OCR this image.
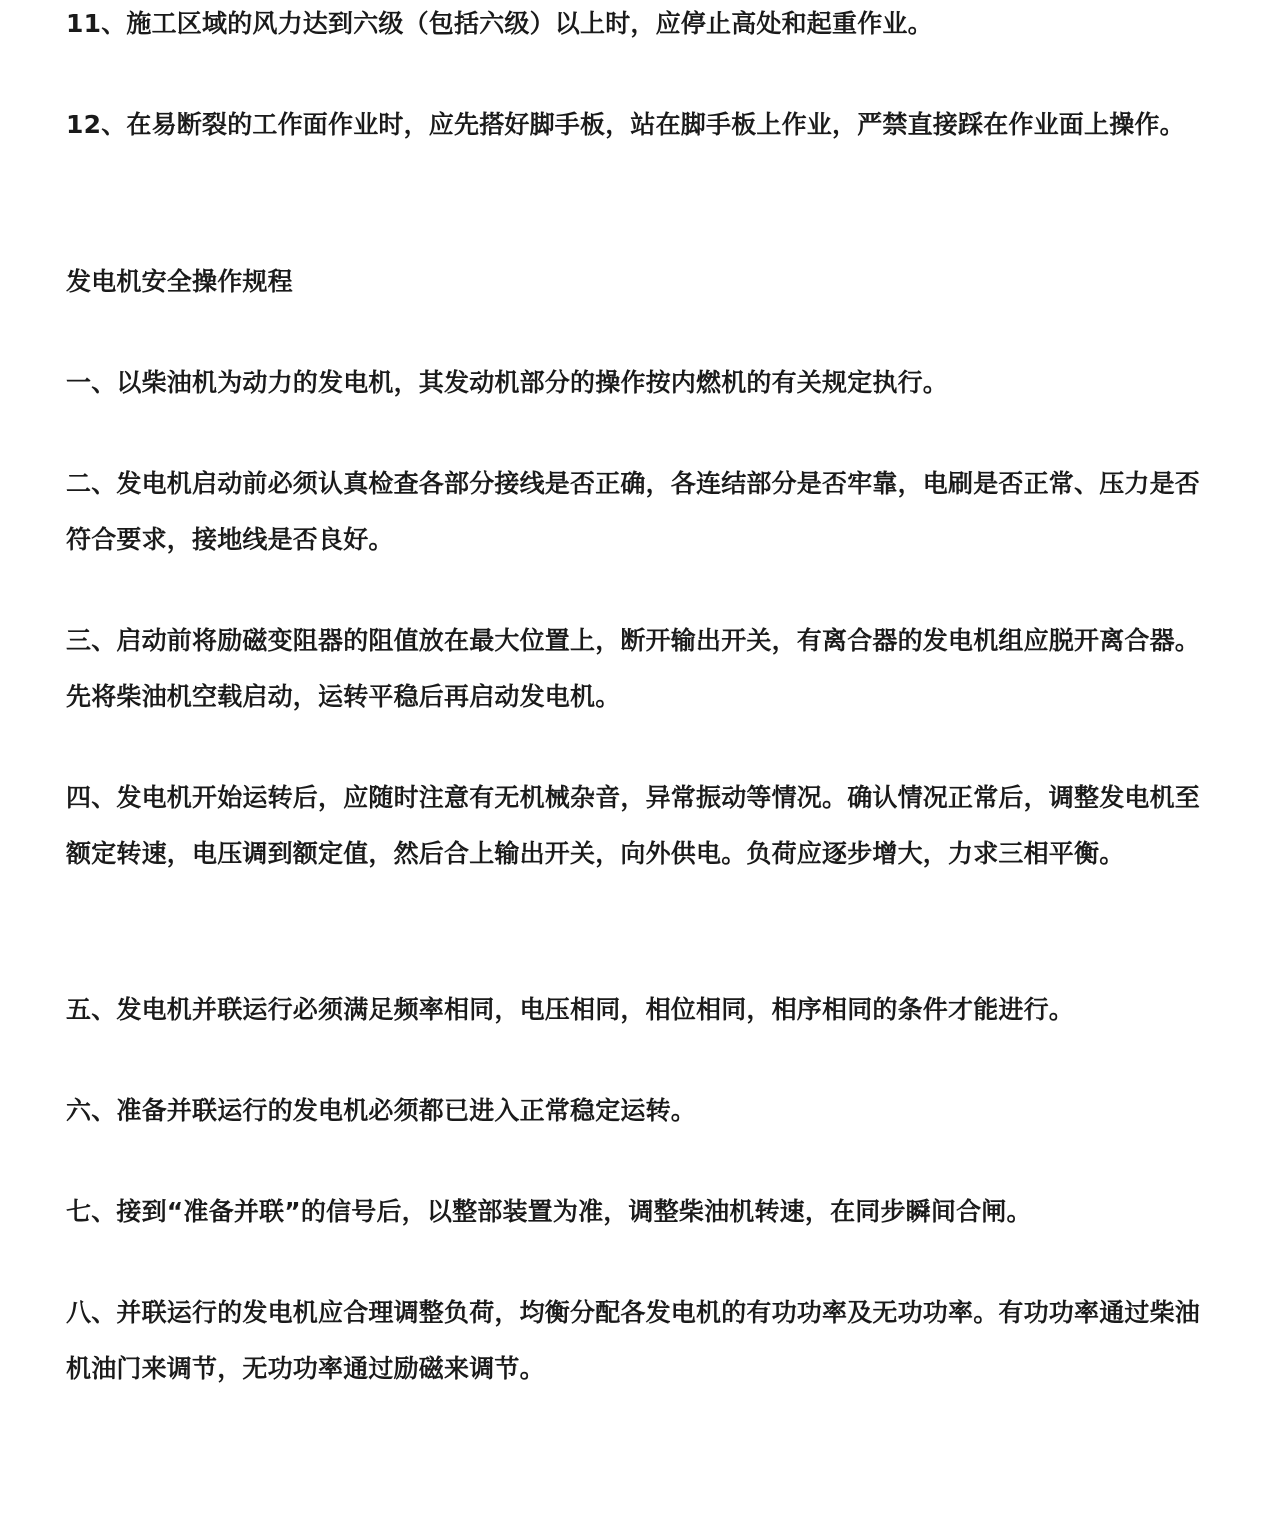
11、施工区域的风力达到六级（包括六级）以上时，应停止高处和起重作业。

12、在易断裂的工作面作业时，应先搭好脚手板，站在脚手板上作业，严禁直接踩在作业面上操作。

发电机安全操作规程

一、以柴油机为动力的发电机，其发动机部分的操作按内燃机的有关规定执行。

二、发电机启动前必须认真检查各部分接线是否正确，各连结部分是否牢靠，电刷是否正常、压力是否符合要求，接地线是否良好。

三、启动前将励磁变阻器的阻值放在最大位置上，断开输出开关，有离合器的发电机组应脱开离合器。先将柴油机空载启动，运转平稳后再启动发电机。

四、发电机开始运转后，应随时注意有无机械杂音，异常振动等情况。确认情况正常后，调整发电机至额定转速，电压调到额定值，然后合上输出开关，向外供电。负荷应逐步增大，力求三相平衡。

五、发电机并联运行必须满足频率相同，电压相同，相位相同，相序相同的条件才能进行。

六、准备并联运行的发电机必须都已进入正常稳定运转。

七、接到“准备并联”的信号后，以整部装置为准，调整柴油机转速，在同步瞬间合闸。

八、并联运行的发电机应合理调整负荷，均衡分配各发电机的有功功率及无功功率。有功功率通过柴油机油门来调节，无功功率通过励磁来调节。
